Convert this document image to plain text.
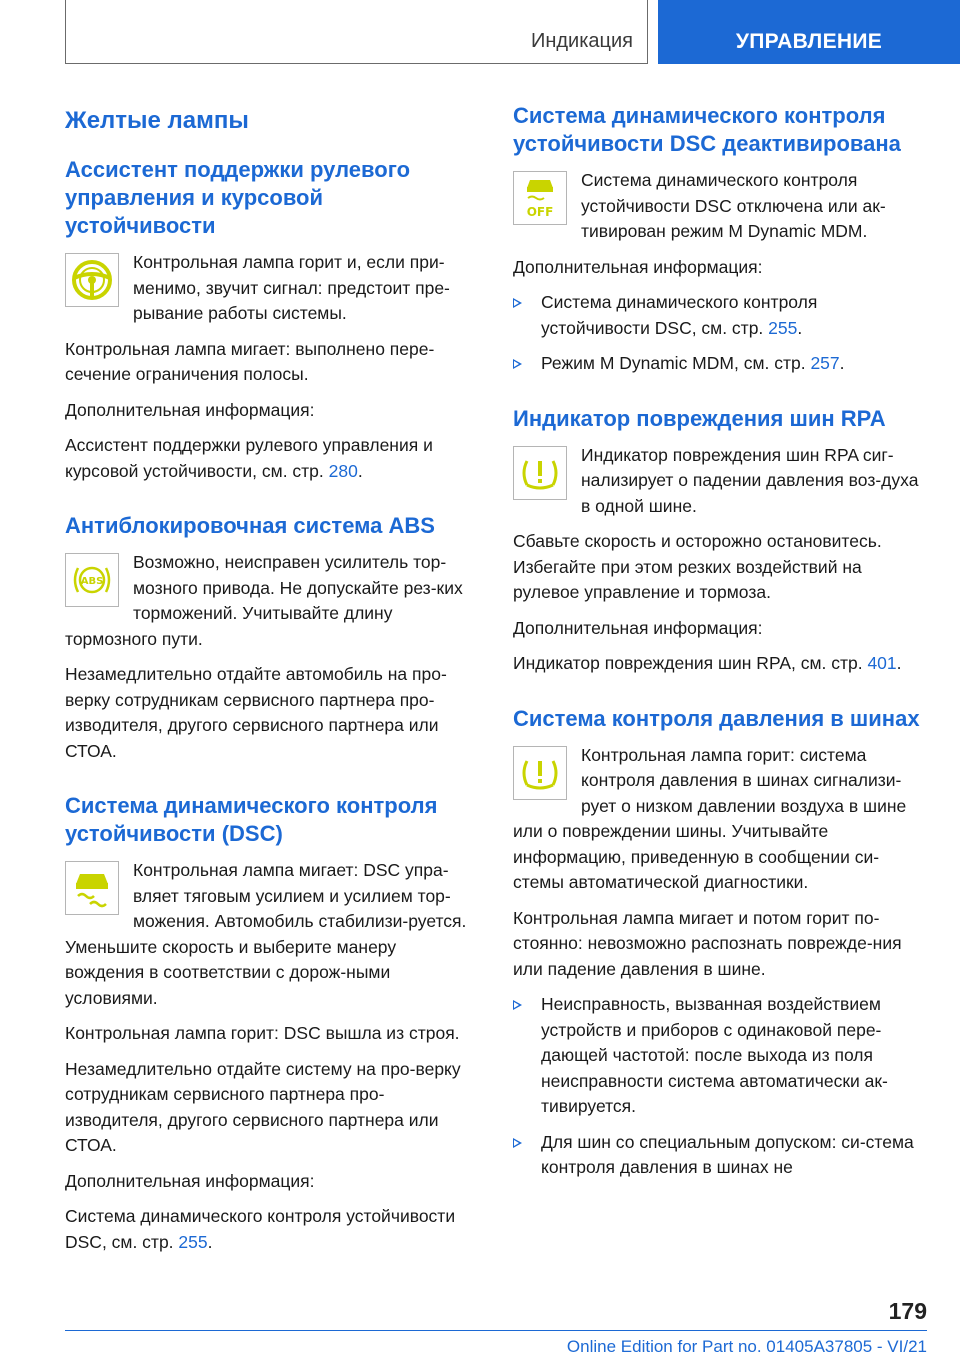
Индикация	УПРАВЛЕНИЕ
Желтые лампы
Ассистент поддержки рулевого управления и курсовой устойчивости

Контрольная лампа горит и, если при-менимо, звучит сигнал: предстоит пре-рывание работы системы.

Контрольная лампа мигает: выполнено пере-сечение ограничения полосы.

Дополнительная информация:

Ассистент поддержки рулевого управления и курсовой устойчивости, см. стр. 280.

Антиблокировочная система ABS
ABS

Возможно, неисправен усилитель тор-мозного привода. Не допускайте рез-ких торможений. Учитывайте длину тормозного пути.

Незамедлительно отдайте автомобиль на про-верку сотрудникам сервисного партнера про-изводителя, другого сервисного партнера или СТОА.

Система динамического контроля устойчивости (DSC)

Контрольная лампа мигает: DSC упра-вляет тяговым усилием и усилием тор-можения. Автомобиль стабилизи-руется. Уменьшите скорость и выберите манеру вождения в соответствии с дорож-ными условиями.

Контрольная лампа горит: DSC вышла из строя.

Незамедлительно отдайте систему на про-верку сотрудникам сервисного партнера про-изводителя, другого сервисного партнера или СТОА.

Дополнительная информация:

Система динамического контроля устойчивости DSC, см. стр. 255.

Система динамического контроля устойчивости DSC деактивирована
OFF

Система динамического контроля устойчивости DSC отключена или ак-тивирован режим M Dynamic MDM.

Дополнительная информация:

Система динамического контроля устойчивости DSC, см. стр. 255.
Режим M Dynamic MDM, см. стр. 257.
Индикатор повреждения шин RPA

Индикатор повреждения шин RPA сиг-нализирует о падении давления воз-духа в одной шине.

Сбавьте скорость и осторожно остановитесь. Избегайте при этом резких воздействий на рулевое управление и тормоза.

Дополнительная информация:

Индикатор повреждения шин RPA, см. стр. 401.

Система контроля давления в шинах

Контрольная лампа горит: система контроля давления в шинах сигнализи-рует о низком давлении воздуха в шине или о повреждении шины. Учитывайте информацию, приведенную в сообщении си-стемы автоматической диагностики.

Контрольная лампа мигает и потом горит по-стоянно: невозможно распознать поврежде-ния или падение давления в шине.

Неисправность, вызванная воздействием устройств и приборов с одинаковой пере-дающей частотой: после выхода из поля неисправности система автоматически ак-тивируется.
Для шин со специальным допуском: си-стема контроля давления в шинах не
179
Online Edition for Part no. 01405A37805 - VI/21
